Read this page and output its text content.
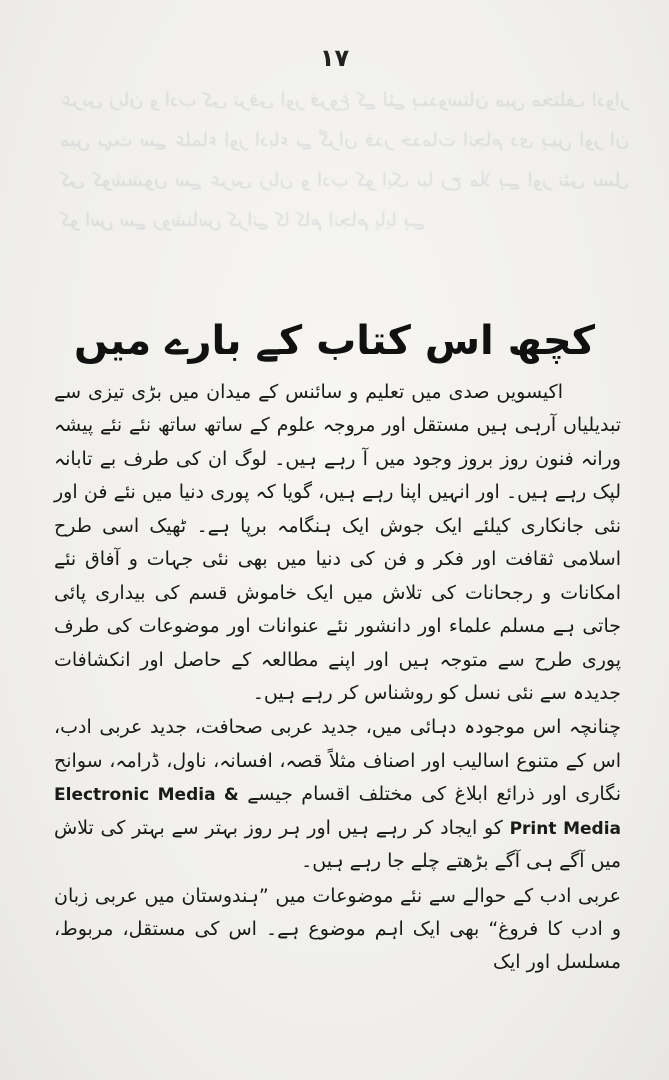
عربی زبان و ادب کی ترقی اور فروغ کے لئے ہندوستان میں مختلف ادوار میں بہت سے علماء اور ادباء نے گراں قدر خدمات انجام دی ہیں اور ان کی کوششوں سے عربی زبان و ادب کو ایک نیا رخ ملا ہے اور نئی نسل کو اس سے روشناس کرانے کا کام انجام پایا ہے
۱۷
کچھ اس کتاب کے بارے میں

اکیسویں صدی میں تعلیم و سائنس کے میدان میں بڑی تیزی سے تبدیلیاں آرہی ہیں مستقل اور مروجہ علوم کے ساتھ ساتھ نئے نئے پیشہ ورانہ فنون روز بروز وجود میں آ رہے ہیں۔ لوگ ان کی طرف بے تابانہ لپک رہے ہیں۔ اور انہیں اپنا رہے ہیں، گویا کہ پوری دنیا میں نئے فن اور نئی جانکاری کیلئے ایک جوش ایک ہنگامہ برپا ہے۔ ٹھیک اسی طرح اسلامی ثقافت اور فکر و فن کی دنیا میں بھی نئی جہات و آفاق نئے امکانات و رجحانات کی تلاش میں ایک خاموش قسم کی بیداری پائی جاتی ہے مسلم علماء اور دانشور نئے عنوانات اور موضوعات کی طرف پوری طرح سے متوجہ ہیں اور اپنے مطالعہ کے حاصل اور انکشافات جدیدہ سے نئی نسل کو روشناس کر رہے ہیں۔

چنانچہ اس موجودہ دہائی میں، جدید عربی صحافت، جدید عربی ادب، اس کے متنوع اسالیب اور اصناف مثلاً قصہ، افسانہ، ناول، ڈرامہ، سوانح نگاری اور ذرائع ابلاغ کی مختلف اقسام جیسے Electronic Media & Print Media کو ایجاد کر رہے ہیں اور ہر روز بہتر سے بہتر کی تلاش میں آگے ہی آگے بڑھتے چلے جا رہے ہیں۔

عربی ادب کے حوالے سے نئے موضوعات میں ”ہندوستان میں عربی زبان و ادب کا فروغ“ بھی ایک اہم موضوع ہے۔ اس کی مستقل، مربوط، مسلسل اور ایک
